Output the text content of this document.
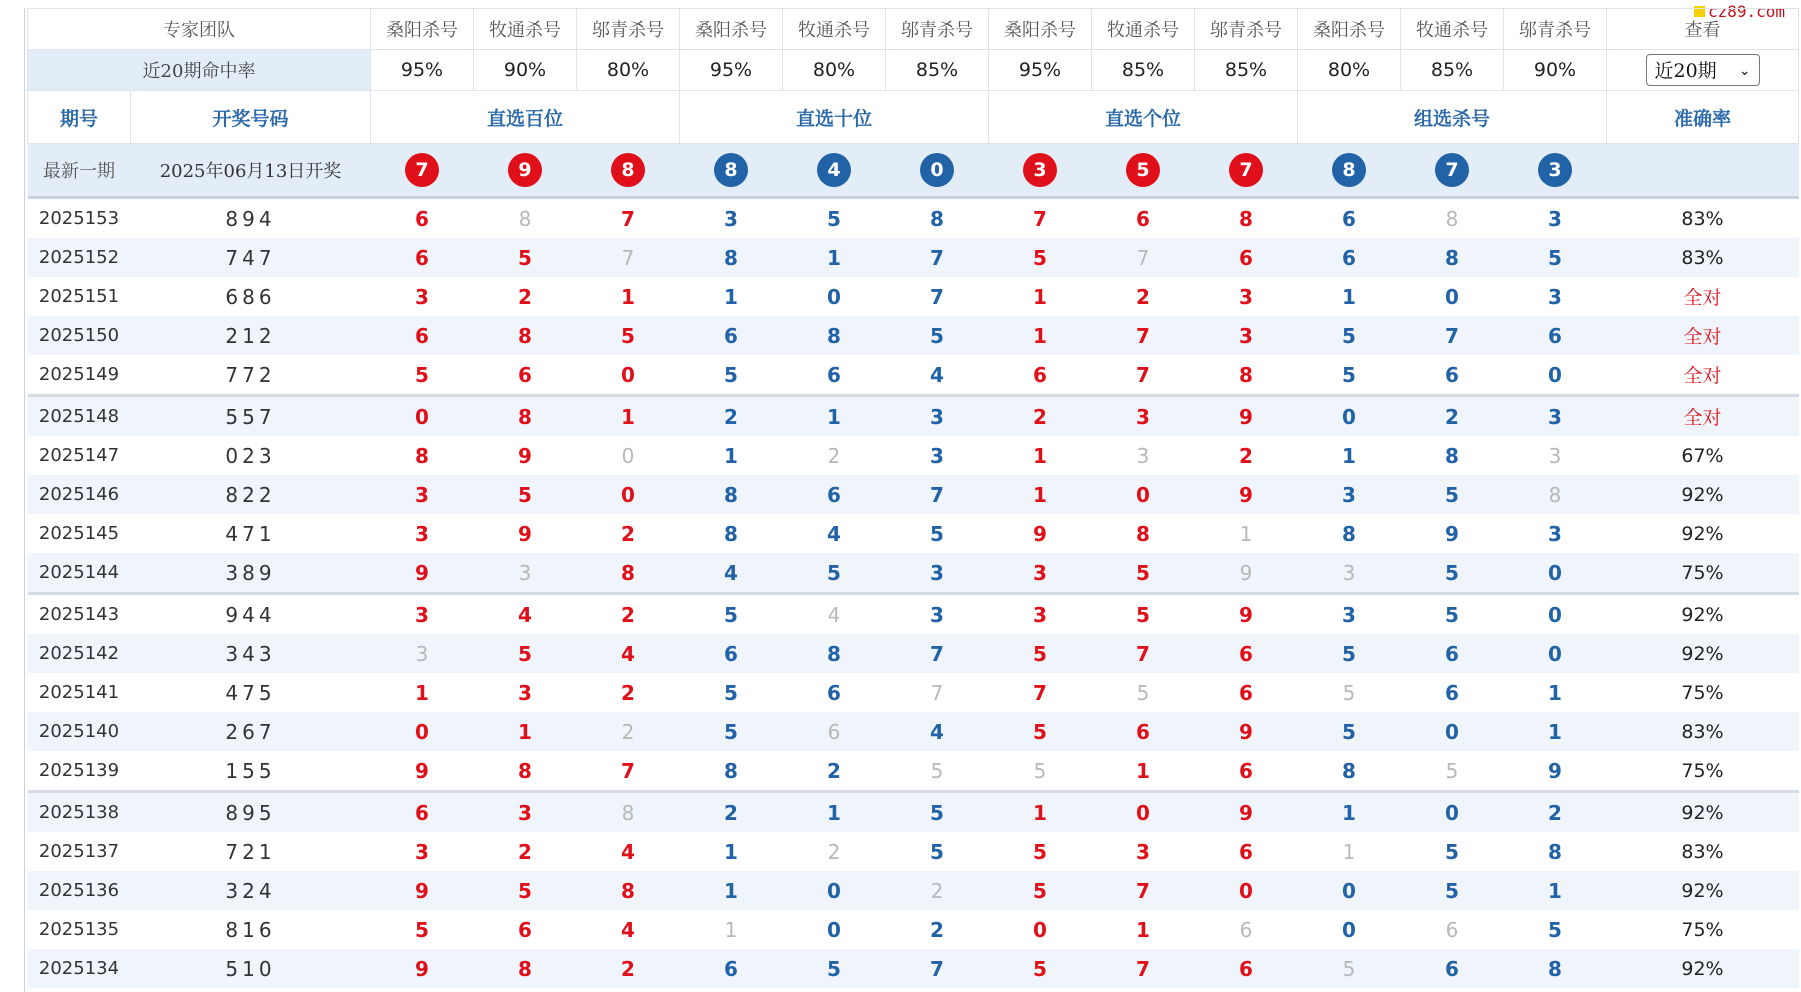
cz89.com
专家团队		桑阳杀号	牧通杀号	邬青杀号	桑阳杀号	牧通杀号	邬青杀号	桑阳杀号	牧通杀号	邬青杀号	桑阳杀号	牧通杀号	邬青杀号	查看
近20期命中率		95%	90%	80%	95%	80%	85%	95%	85%	85%	80%	85%	90%	近20期 ⌄

期号	开奖号码	直选百位			直选十位			直选个位			组选杀号			准确率
最新一期	2025年06月13日开奖	7	9	8	8	4	0	3	5	7	8	7	3	
2025153	894	6	8	7	3	5	8	7	6	8	6	8	3	83%
2025152	747	6	5	7	8	1	7	5	7	6	6	8	5	83%
2025151	686	3	2	1	1	0	7	1	2	3	1	0	3	全对
2025150	212	6	8	5	6	8	5	1	7	3	5	7	6	全对
2025149	772	5	6	0	5	6	4	6	7	8	5	6	0	全对
2025148	557	0	8	1	2	1	3	2	3	9	0	2	3	全对
2025147	023	8	9	0	1	2	3	1	3	2	1	8	3	67%
2025146	822	3	5	0	8	6	7	1	0	9	3	5	8	92%
2025145	471	3	9	2	8	4	5	9	8	1	8	9	3	92%
2025144	389	9	3	8	4	5	3	3	5	9	3	5	0	75%
2025143	944	3	4	2	5	4	3	3	5	9	3	5	0	92%
2025142	343	3	5	4	6	8	7	5	7	6	5	6	0	92%
2025141	475	1	3	2	5	6	7	7	5	6	5	6	1	75%
2025140	267	0	1	2	5	6	4	5	6	9	5	0	1	83%
2025139	155	9	8	7	8	2	5	5	1	6	8	5	9	75%
2025138	895	6	3	8	2	1	5	1	0	9	1	0	2	92%
2025137	721	3	2	4	1	2	5	5	3	6	1	5	8	83%
2025136	324	9	5	8	1	0	2	5	7	0	0	5	1	92%
2025135	816	5	6	4	1	0	2	0	1	6	0	6	5	75%
2025134	510	9	8	2	6	5	7	5	7	6	5	6	8	92%
